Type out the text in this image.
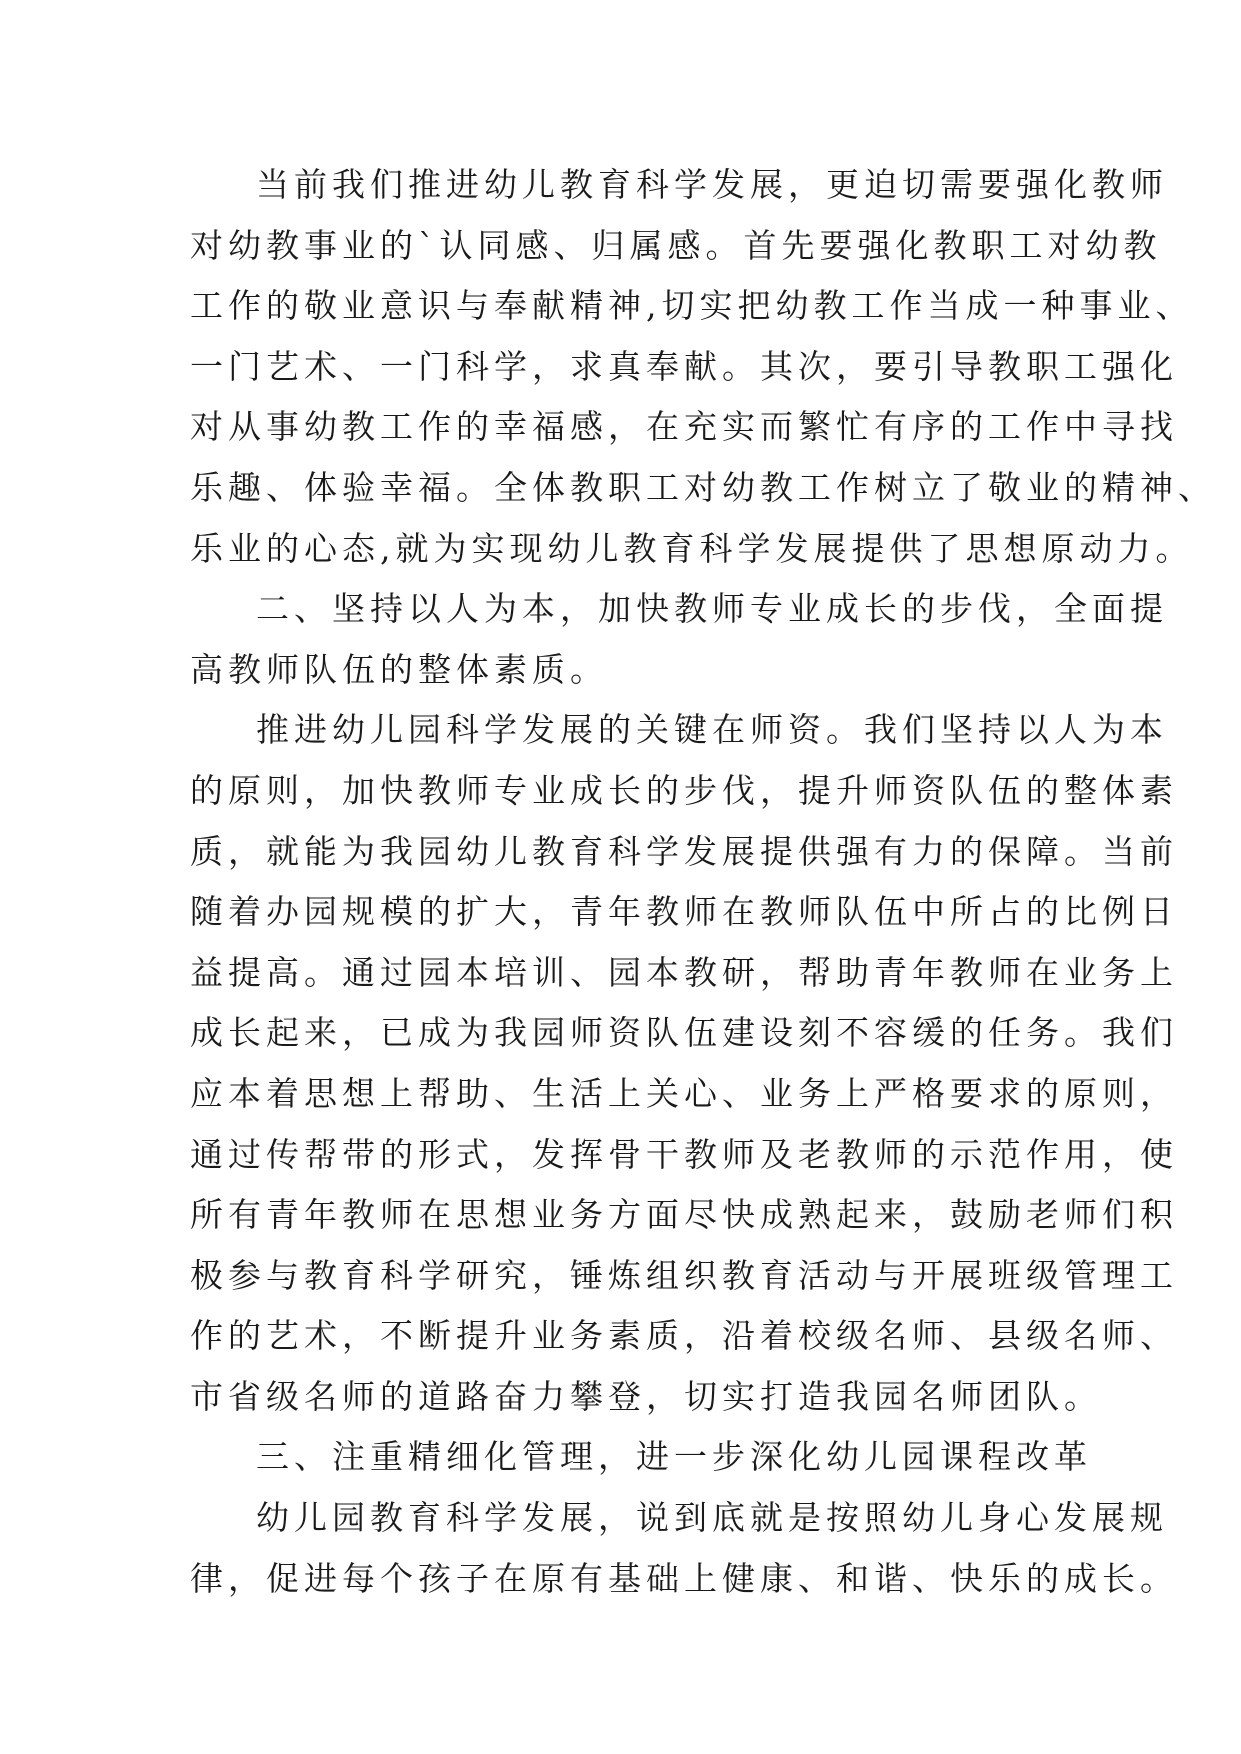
当前我们推进幼儿教育科学发展，更迫切需要强化教师
对幼教事业的`认同感、归属感。首先要强化教职工对幼教
工作的敬业意识与奉献精神,切实把幼教工作当成一种事业、
一门艺术、一门科学，求真奉献。其次，要引导教职工强化
对从事幼教工作的幸福感，在充实而繁忙有序的工作中寻找
乐趣、体验幸福。全体教职工对幼教工作树立了敬业的精神、
乐业的心态,就为实现幼儿教育科学发展提供了思想原动力。
二、坚持以人为本，加快教师专业成长的步伐，全面提
高教师队伍的整体素质。
推进幼儿园科学发展的关键在师资。我们坚持以人为本
的原则，加快教师专业成长的步伐，提升师资队伍的整体素
质，就能为我园幼儿教育科学发展提供强有力的保障。当前
随着办园规模的扩大，青年教师在教师队伍中所占的比例日
益提高。通过园本培训、园本教研，帮助青年教师在业务上
成长起来，已成为我园师资队伍建设刻不容缓的任务。我们
应本着思想上帮助、生活上关心、业务上严格要求的原则，
通过传帮带的形式，发挥骨干教师及老教师的示范作用，使
所有青年教师在思想业务方面尽快成熟起来，鼓励老师们积
极参与教育科学研究，锤炼组织教育活动与开展班级管理工
作的艺术，不断提升业务素质，沿着校级名师、县级名师、
市省级名师的道路奋力攀登，切实打造我园名师团队。
三、注重精细化管理，进一步深化幼儿园课程改革
幼儿园教育科学发展，说到底就是按照幼儿身心发展规
律，促进每个孩子在原有基础上健康、和谐、快乐的成长。
